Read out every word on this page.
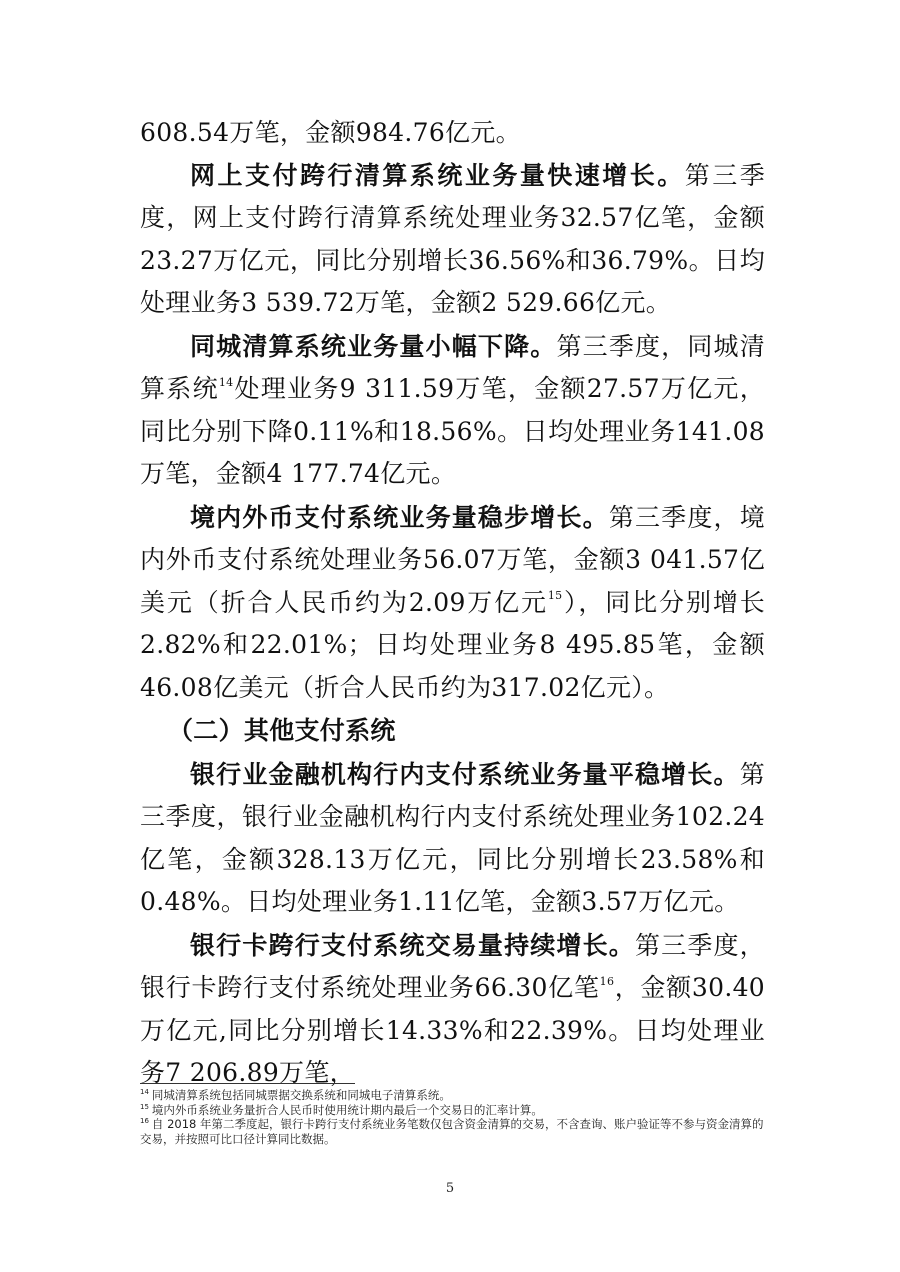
608.54万笔，金额984.76亿元。

网上支付跨行清算系统业务量快速增长。第三季度，网上支付跨行清算系统处理业务32.57亿笔，金额23.27万亿元，同比分别增长36.56%和36.79%。日均处理业务3 539.72万笔，金额2 529.66亿元。

同城清算系统业务量小幅下降。第三季度，同城清算系统$^{14}$处理业务9 311.59万笔，金额27.57万亿元，同比分别下降0.11%和18.56%。日均处理业务141.08万笔，金额4 177.74亿元。

境内外币支付系统业务量稳步增长。第三季度，境内外币支付系统处理业务56.07万笔，金额3 041.57亿美元（折合人民币约为2.09万亿元$^{15}$），同比分别增长2.82%和22.01%；日均处理业务8 495.85笔，金额46.08亿美元（折合人民币约为317.02亿元）。

（二）其他支付系统

银行业金融机构行内支付系统业务量平稳增长。第三季度，银行业金融机构行内支付系统处理业务102.24亿笔，金额328.13万亿元，同比分别增长23.58%和0.48%。日均处理业务1.11亿笔，金额3.57万亿元。

银行卡跨行支付系统交易量持续增长。第三季度，银行卡跨行支付系统处理业务66.30亿笔$^{16}$，金额30.40万亿元,同比分别增长14.33%和22.39%。日均处理业务7 206.89万笔，

$^{14}$ 同城清算系统包括同城票据交换系统和同城电子清算系统。

$^{15}$ 境内外币系统业务量折合人民币时使用统计期内最后一个交易日的汇率计算。

$^{16}$ 自 2018 年第二季度起，银行卡跨行支付系统业务笔数仅包含资金清算的交易，不含查询、账户验证等不参与资金清算的交易，并按照可比口径计算同比数据。

5
